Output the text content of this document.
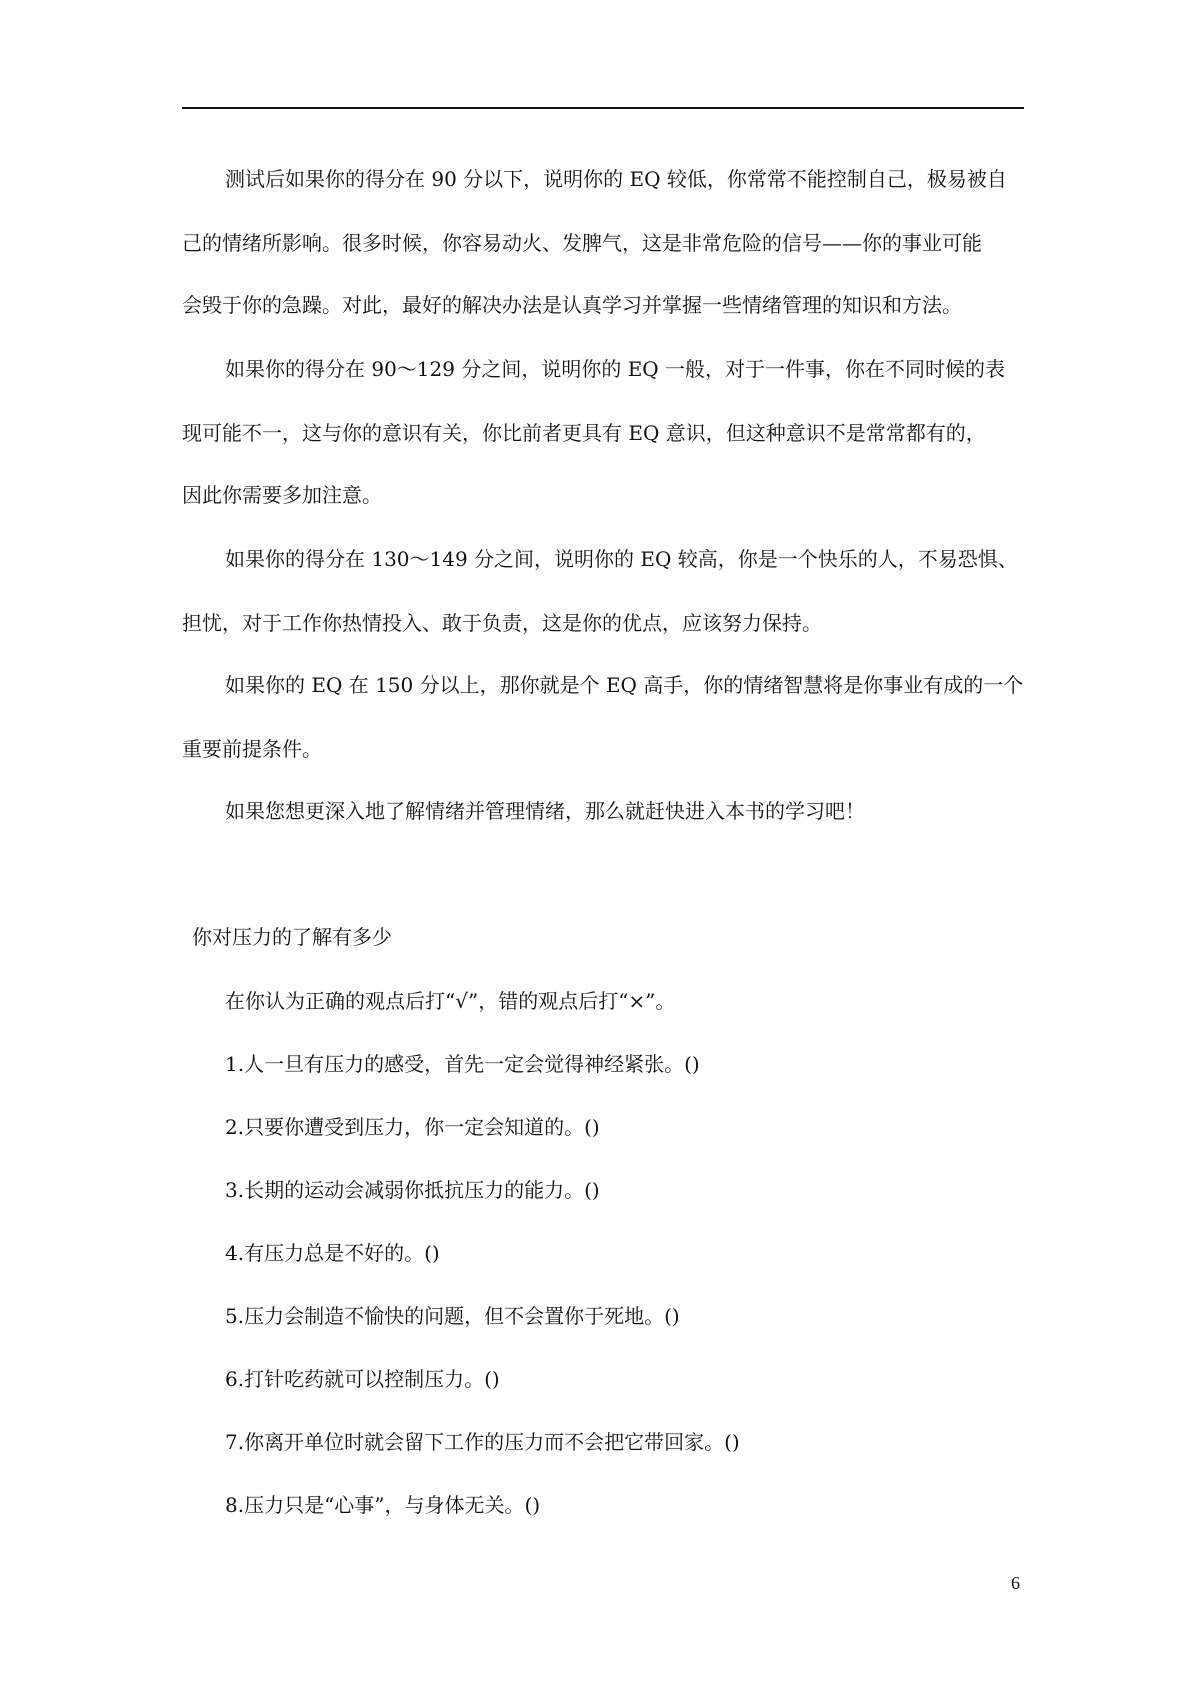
测试后如果你的得分在 90 分以下，说明你的 EQ 较低，你常常不能控制自己，极易被自
己的情绪所影响。很多时候，你容易动火、发脾气，这是非常危险的信号——你的事业可能
会毁于你的急躁。对此，最好的解决办法是认真学习并掌握一些情绪管理的知识和方法。
如果你的得分在 90～129 分之间，说明你的 EQ 一般，对于一件事，你在不同时候的表
现可能不一，这与你的意识有关，你比前者更具有 EQ 意识，但这种意识不是常常都有的，
因此你需要多加注意。
如果你的得分在 130～149 分之间，说明你的 EQ 较高，你是一个快乐的人，不易恐惧、
担忧，对于工作你热情投入、敢于负责，这是你的优点，应该努力保持。
如果你的 EQ 在 150 分以上，那你就是个 EQ 高手，你的情绪智慧将是你事业有成的一个
重要前提条件。
如果您想更深入地了解情绪并管理情绪，那么就赶快进入本书的学习吧！
你对压力的了解有多少
在你认为正确的观点后打“√”，错的观点后打“×”。
1.人一旦有压力的感受，首先一定会觉得神经紧张。()
2.只要你遭受到压力，你一定会知道的。()
3.长期的运动会减弱你抵抗压力的能力。()
4.有压力总是不好的。()
5.压力会制造不愉快的问题，但不会置你于死地。()
6.打针吃药就可以控制压力。()
7.你离开单位时就会留下工作的压力而不会把它带回家。()
8.压力只是“心事”，与身体无关。()
6
